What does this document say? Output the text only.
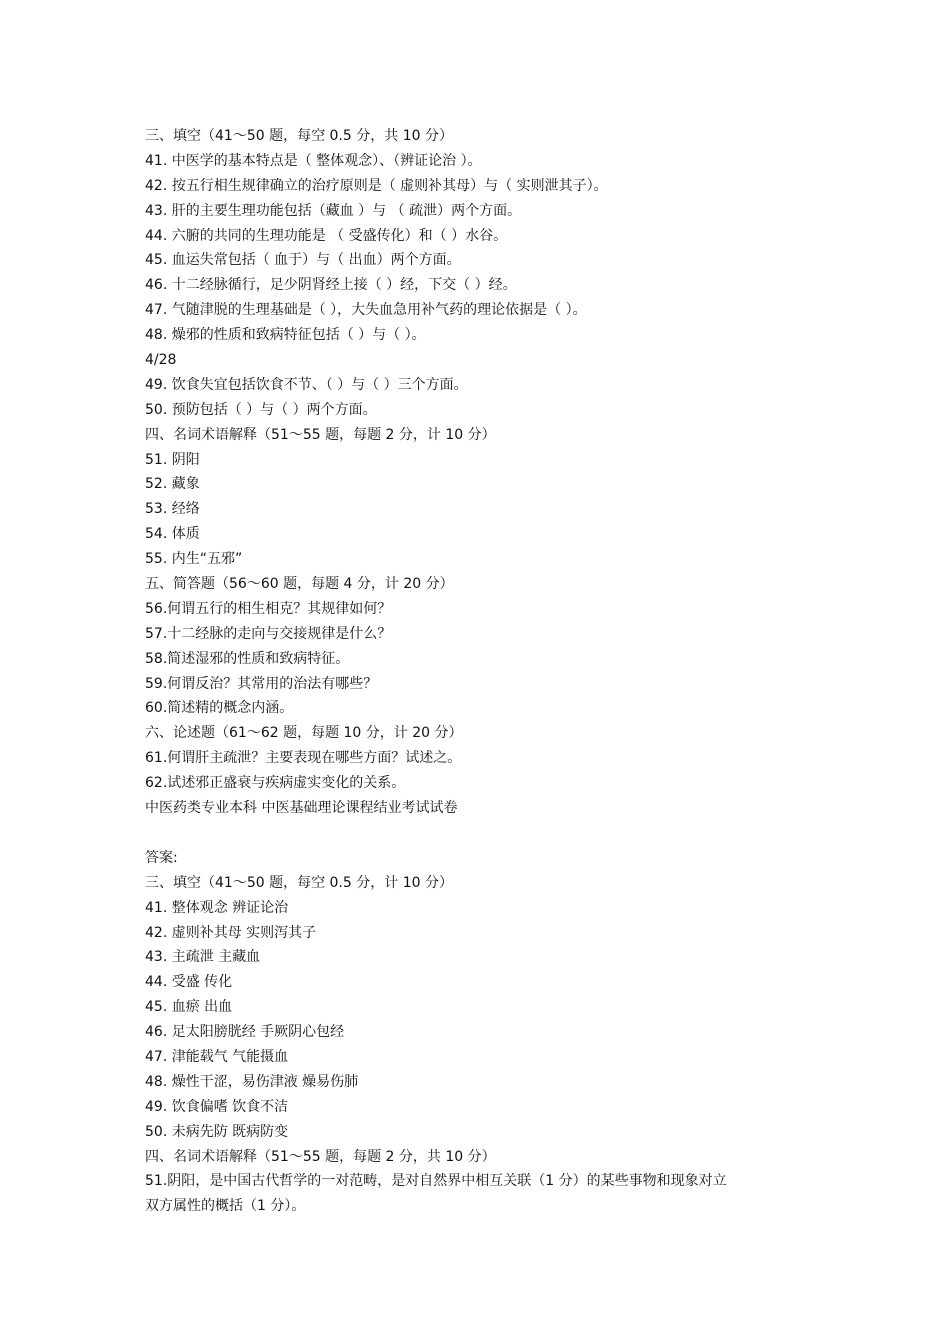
三、填空（41～50 题，每空 0.5 分，共 10 分）
41. 中医学的基本特点是（ 整体观念）、（辨证论治 ）。
42. 按五行相生规律确立的治疗原则是（ 虚则补其母）与（ 实则泄其子）。
43. 肝的主要生理功能包括（藏血 ）与 （ 疏泄）两个方面。
44. 六腑的共同的生理功能是 （ 受盛传化）和（ ）水谷。
45. 血运失常包括（ 血于）与（ 出血）两个方面。
46. 十二经脉循行，足少阴肾经上接（ ）经，下交（ ）经。
47. 气随津脱的生理基础是（ ），大失血急用补气药的理论依据是（ ）。
48. 燥邪的性质和致病特征包括（ ）与（ ）。
4/28
49. 饮食失宜包括饮食不节、（ ）与（ ）三个方面。
50. 预防包括（ ）与（ ）两个方面。
四、名词术语解释（51～55 题，每题 2 分，计 10 分）
51. 阴阳
52. 藏象
53. 经络
54. 体质
55. 内生“五邪”
五、简答题（56～60 题，每题 4 分，计 20 分）
56.何谓五行的相生相克？其规律如何？
57.十二经脉的走向与交接规律是什么？
58.简述湿邪的性质和致病特征。
59.何谓反治？其常用的治法有哪些？
60.简述精的概念内涵。
六、论述题（61～62 题，每题 10 分，计 20 分）
61.何谓肝主疏泄？主要表现在哪些方面？试述之。
62.试述邪正盛衰与疾病虚实变化的关系。
中医药类专业本科 中医基础理论课程结业考试试卷
答案:
三、填空（41～50 题，每空 0.5 分，计 10 分）
41. 整体观念 辨证论治
42. 虚则补其母 实则泻其子
43. 主疏泄 主藏血
44. 受盛 传化
45. 血瘀 出血
46. 足太阳膀胱经 手厥阴心包经
47. 津能载气 气能摄血
48. 燥性干涩，易伤津液 燥易伤肺
49. 饮食偏嗜 饮食不洁
50. 未病先防 既病防变
四、名词术语解释（51～55 题，每题 2 分，共 10 分）
51.阴阳，是中国古代哲学的一对范畴，是对自然界中相互关联（1 分）的某些事物和现象对立
双方属性的概括（1 分）。
